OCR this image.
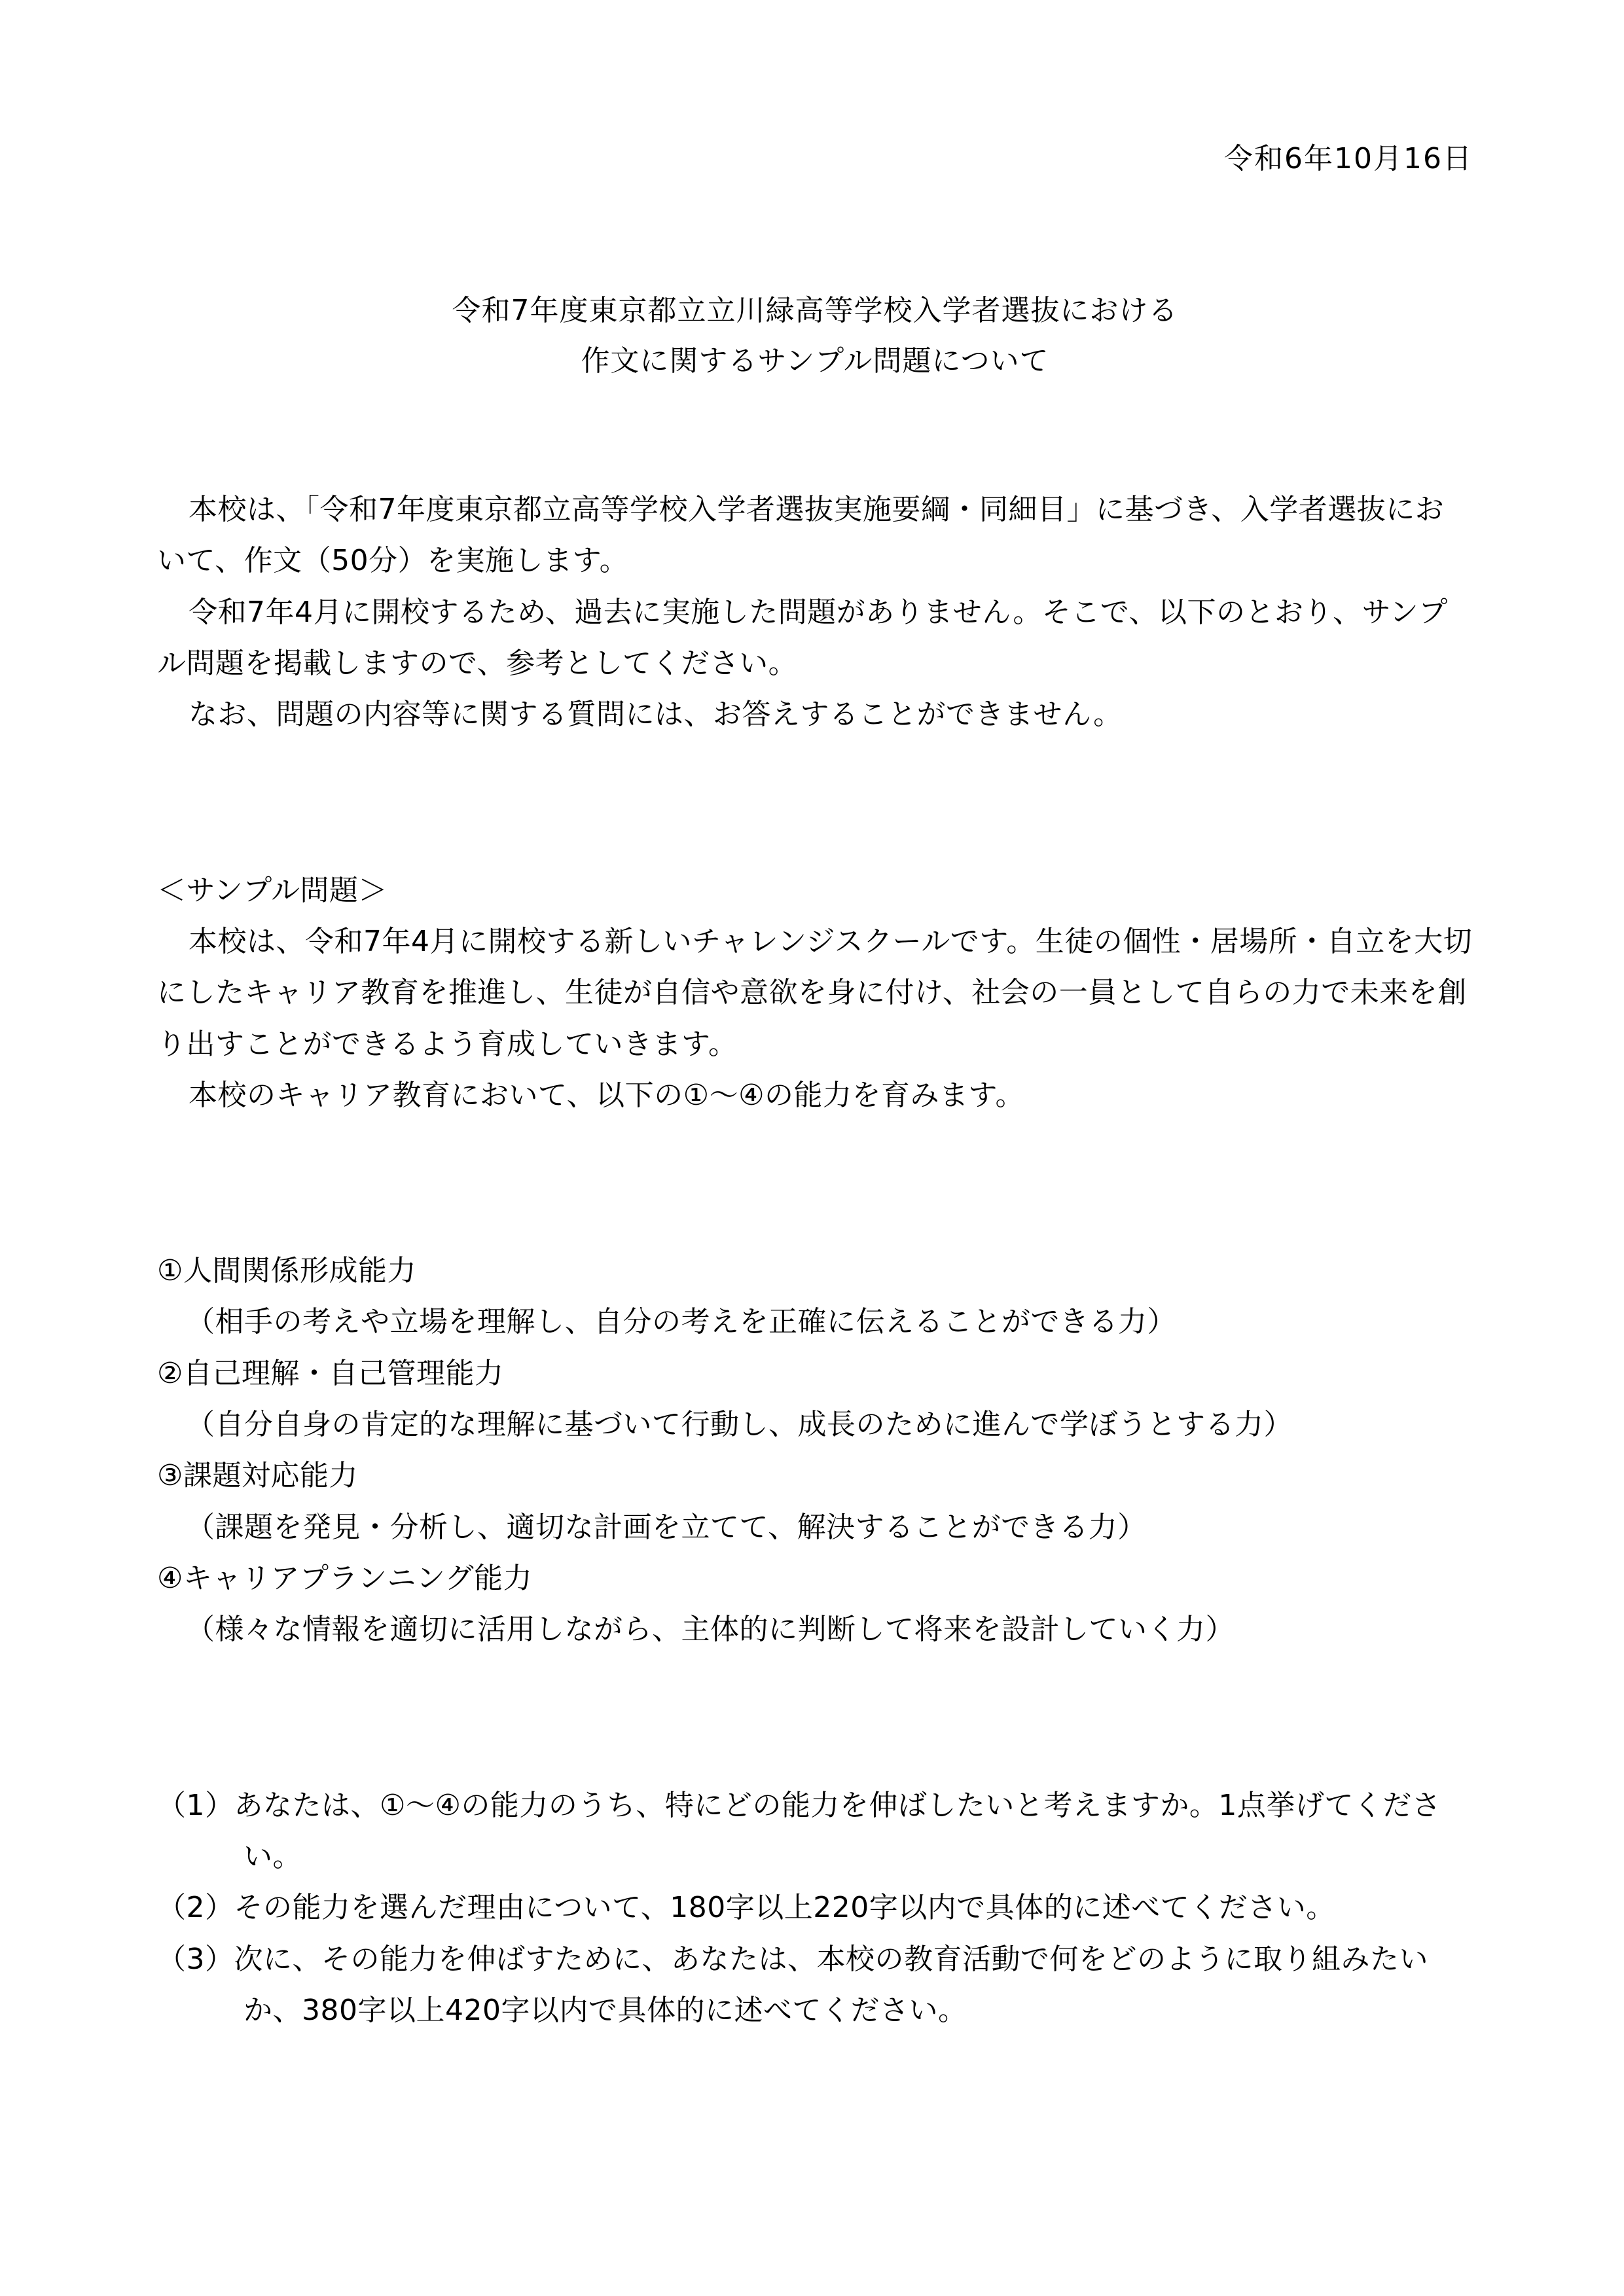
令和6年10月16日
令和7年度東京都立立川緑高等学校入学者選抜における
作文に関するサンプル問題について

本校は、「令和7年度東京都立高等学校入学者選抜実施要綱・同細目」に基づき、入学者選抜において、作文（50分）を実施します。

令和7年4月に開校するため、過去に実施した問題がありません。そこで、以下のとおり、サンプル問題を掲載しますので、参考としてください。

なお、問題の内容等に関する質問には、お答えすることができません。

＜サンプル問題＞

本校は、令和7年4月に開校する新しいチャレンジスクールです。生徒の個性・居場所・自立を大切にしたキャリア教育を推進し、生徒が自信や意欲を身に付け、社会の一員として自らの力で未来を創り出すことができるよう育成していきます。

本校のキャリア教育において、以下の①〜④の能力を育みます。

①人間関係形成能力

（相手の考えや立場を理解し、自分の考えを正確に伝えることができる力）

②自己理解・自己管理能力

（自分自身の肯定的な理解に基づいて行動し、成長のために進んで学ぼうとする力）

③課題対応能力

（課題を発見・分析し、適切な計画を立てて、解決することができる力）

④キャリアプランニング能力

（様々な情報を適切に活用しながら、主体的に判断して将来を設計していく力）

（1）あなたは、①〜④の能力のうち、特にどの能力を伸ばしたいと考えますか。1点挙げてください。

（2）その能力を選んだ理由について、180字以上220字以内で具体的に述べてください。

（3）次に、その能力を伸ばすために、あなたは、本校の教育活動で何をどのように取り組みたいか、380字以上420字以内で具体的に述べてください。
